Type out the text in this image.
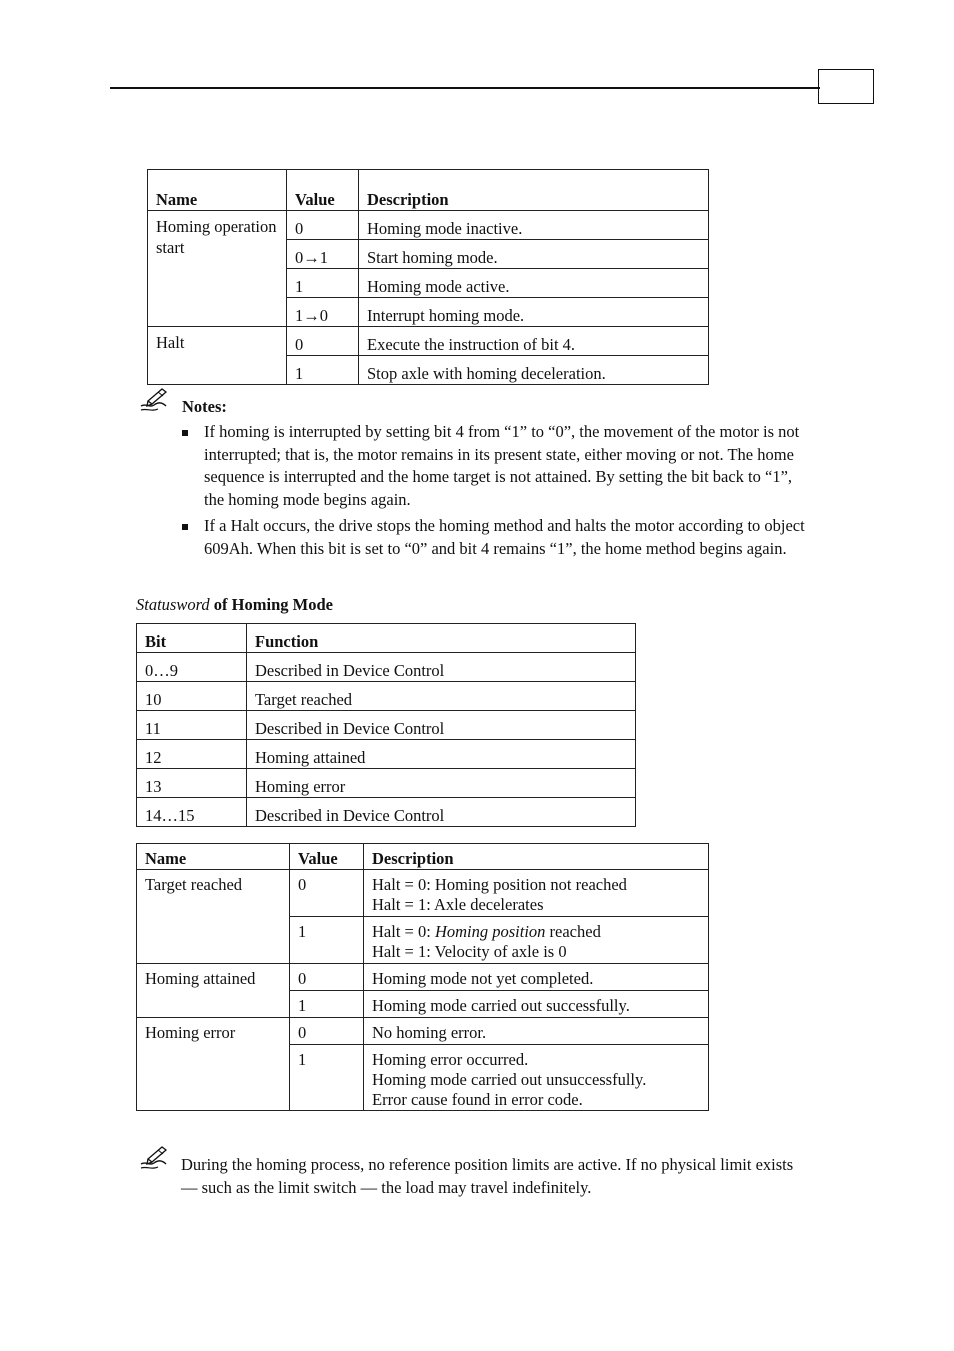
Name	Value	Description
Homing operation start	0	Homing mode inactive.
	0→1	Start homing mode.
	1	Homing mode active.
	1→0	Interrupt homing mode.
Halt	0	Execute the instruction of bit 4.
	1	Stop axle with homing deceleration.
Notes:
If homing is interrupted by setting bit 4 from “1” to “0”, the movement of the motor is not interrupted; that is, the motor remains in its present state, either moving or not. The home sequence is interrupted and the home target is not attained. By setting the bit back to “1”, the homing mode begins again.
If a Halt occurs, the drive stops the homing method and halts the motor according to object 609Ah. When this bit is set to “0” and bit 4 remains “1”, the home method begins again.
Statusword of Homing Mode
Bit	Function
0…9	Described in Device Control
10	Target reached
11	Described in Device Control
12	Homing attained
13	Homing error
14…15	Described in Device Control
Name	Value	Description
Target reached	0	Halt = 0: Homing position not reached
Halt = 1: Axle decelerates
	1	Halt = 0: Homing position reached
Halt = 1: Velocity of axle is 0
Homing attained	0	Homing mode not yet completed.
	1	Homing mode carried out successfully.
Homing error	0	No homing error.
	1	Homing error occurred.
Homing mode carried out unsuccessfully.
Error cause found in error code.
During the homing process, no reference position limits are active. If no physical limit exists — such as the limit switch — the load may travel indefinitely.
